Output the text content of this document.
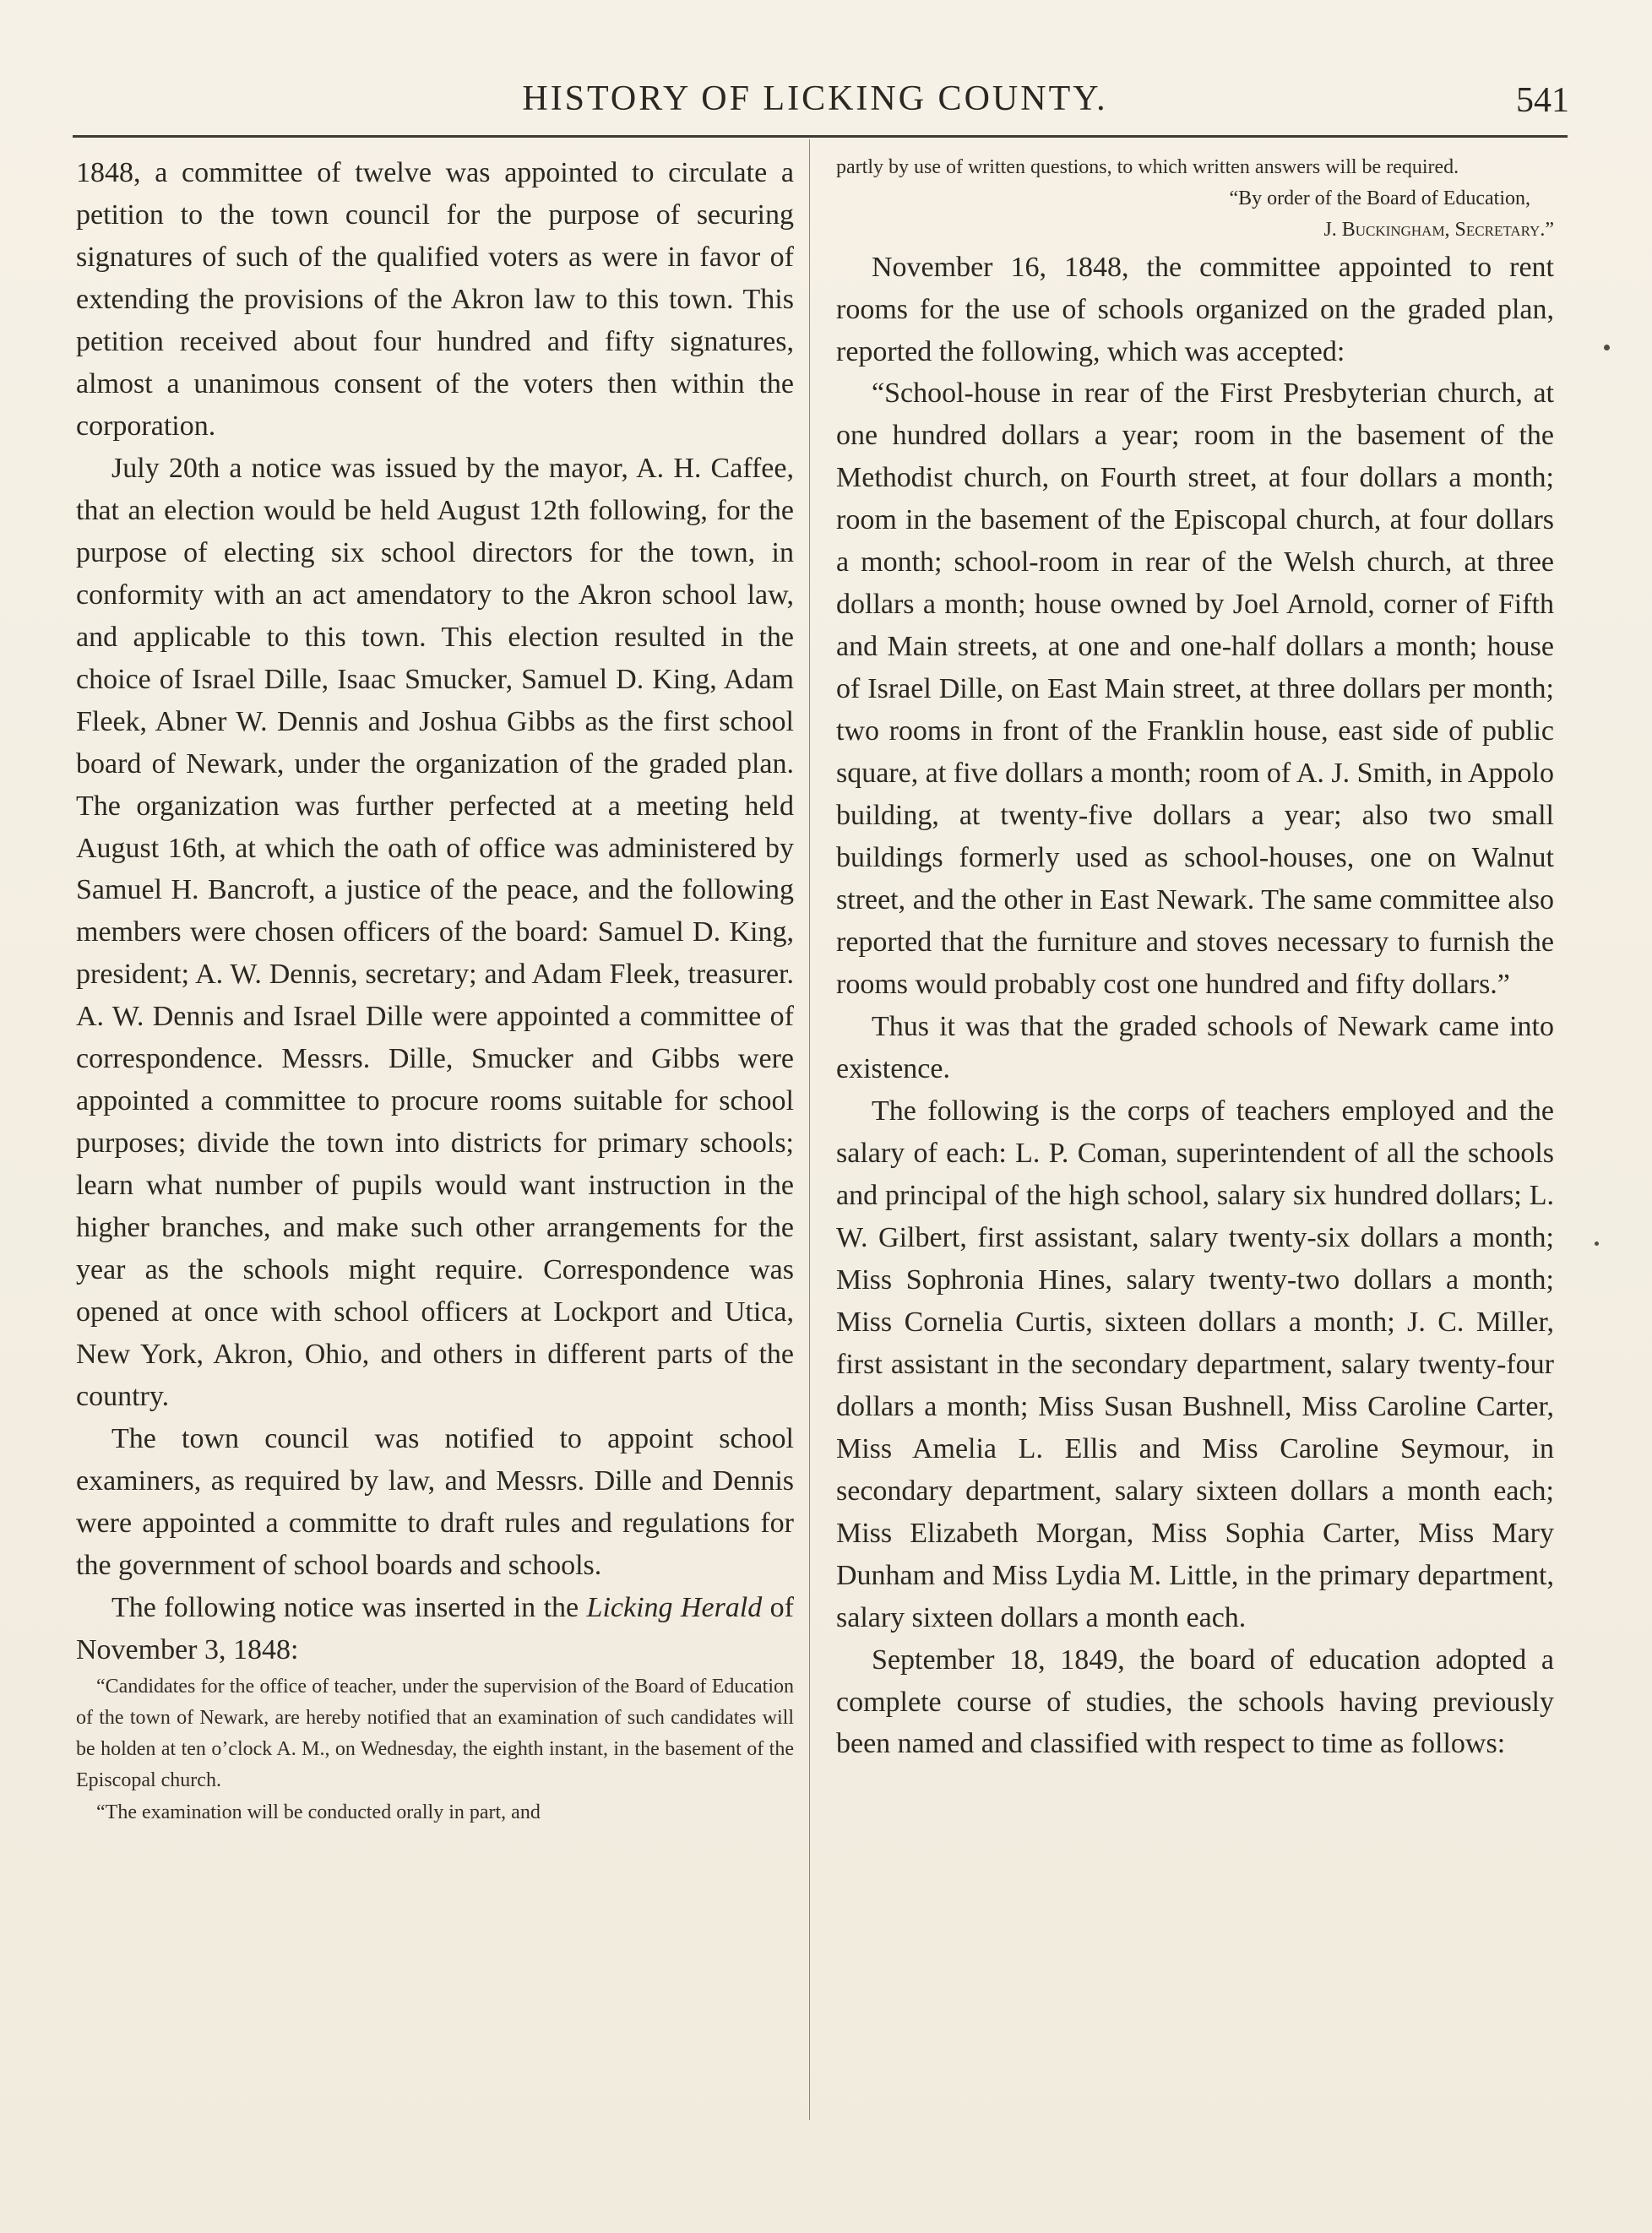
HISTORY OF LICKING COUNTY.	541

1848, a committee of twelve was appointed to circulate a petition to the town council for the purpose of securing signatures of such of the qualified voters as were in favor of extending the provisions of the Akron law to this town. This petition received about four hundred and fifty signatures, almost a unanimous consent of the voters then within the corporation.

July 20th a notice was issued by the mayor, A. H. Caffee, that an election would be held August 12th following, for the purpose of electing six school directors for the town, in conformity with an act amendatory to the Akron school law, and applicable to this town. This election resulted in the choice of Israel Dille, Isaac Smucker, Samuel D. King, Adam Fleek, Abner W. Dennis and Joshua Gibbs as the first school board of Newark, under the organization of the graded plan. The organization was further perfected at a meeting held August 16th, at which the oath of office was administered by Samuel H. Bancroft, a justice of the peace, and the following members were chosen officers of the board: Samuel D. King, president; A. W. Dennis, secretary; and Adam Fleek, treasurer. A. W. Dennis and Israel Dille were appointed a committee of correspondence. Messrs. Dille, Smucker and Gibbs were appointed a committee to procure rooms suitable for school purposes; divide the town into districts for primary schools; learn what number of pupils would want instruction in the higher branches, and make such other arrangements for the year as the schools might require. Correspondence was opened at once with school officers at Lockport and Utica, New York, Akron, Ohio, and others in different parts of the country.

The town council was notified to appoint school examiners, as required by law, and Messrs. Dille and Dennis were appointed a committe to draft rules and regulations for the government of school boards and schools.

The following notice was inserted in the Licking Herald of November 3, 1848:

“Candidates for the office of teacher, under the supervision of the Board of Education of the town of Newark, are hereby notified that an examination of such candidates will be holden at ten o’clock A. M., on Wednesday, the eighth instant, in the basement of the Episcopal church.

“The examination will be conducted orally in part, and

partly by use of written questions, to which written answers will be required.

“By order of the Board of Education,

J. Buckingham, Secretary.”

November 16, 1848, the committee appointed to rent rooms for the use of schools organized on the graded plan, reported the following, which was accepted:

“School-house in rear of the First Presbyterian church, at one hundred dollars a year; room in the basement of the Methodist church, on Fourth street, at four dollars a month; room in the basement of the Episcopal church, at four dollars a month; school-room in rear of the Welsh church, at three dollars a month; house owned by Joel Arnold, corner of Fifth and Main streets, at one and one-half dollars a month; house of Israel Dille, on East Main street, at three dollars per month; two rooms in front of the Franklin house, east side of public square, at five dollars a month; room of A. J. Smith, in Appolo building, at twenty-five dollars a year; also two small buildings formerly used as school-houses, one on Walnut street, and the other in East Newark. The same committee also reported that the furniture and stoves necessary to furnish the rooms would probably cost one hundred and fifty dollars.”

Thus it was that the graded schools of Newark came into existence.

The following is the corps of teachers employed and the salary of each: L. P. Coman, superintendent of all the schools and principal of the high school, salary six hundred dollars; L. W. Gilbert, first assistant, salary twenty-six dollars a month; Miss Sophronia Hines, salary twenty-two dollars a month; Miss Cornelia Curtis, sixteen dollars a month; J. C. Miller, first assistant in the secondary department, salary twenty-four dollars a month; Miss Susan Bushnell, Miss Caroline Carter, Miss Amelia L. Ellis and Miss Caroline Seymour, in secondary department, salary sixteen dollars a month each; Miss Elizabeth Morgan, Miss Sophia Carter, Miss Mary Dunham and Miss Lydia M. Little, in the primary department, salary sixteen dollars a month each.

September 18, 1849, the board of education adopted a complete course of studies, the schools having previously been named and classified with respect to time as follows:
